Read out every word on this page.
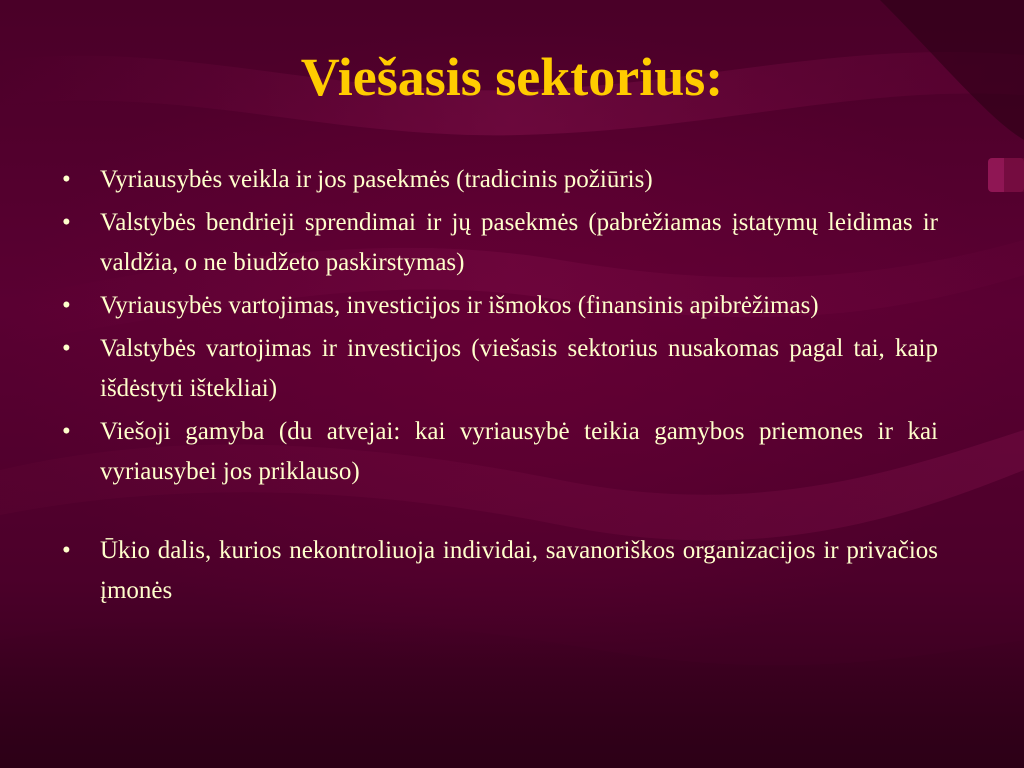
Viešasis sektorius:
•	Vyriausybės veikla ir jos pasekmės (tradicinis požiūris)
•	Valstybės bendrieji sprendimai ir jų pasekmės (pabrėžiamas įstatymų leidimas ir valdžia, o ne biudžeto paskirstymas)
•	Vyriausybės vartojimas, investicijos ir išmokos (finansinis apibrėžimas)
•	Valstybės vartojimas ir investicijos (viešasis sektorius nusakomas pagal tai, kaip išdėstyti ištekliai)
•	Viešoji gamyba (du atvejai: kai vyriausybė teikia gamybos priemones ir kai vyriausybei jos priklauso)
•	Ūkio dalis, kurios nekontroliuoja individai, savanoriškos organizacijos ir privačios įmonės
